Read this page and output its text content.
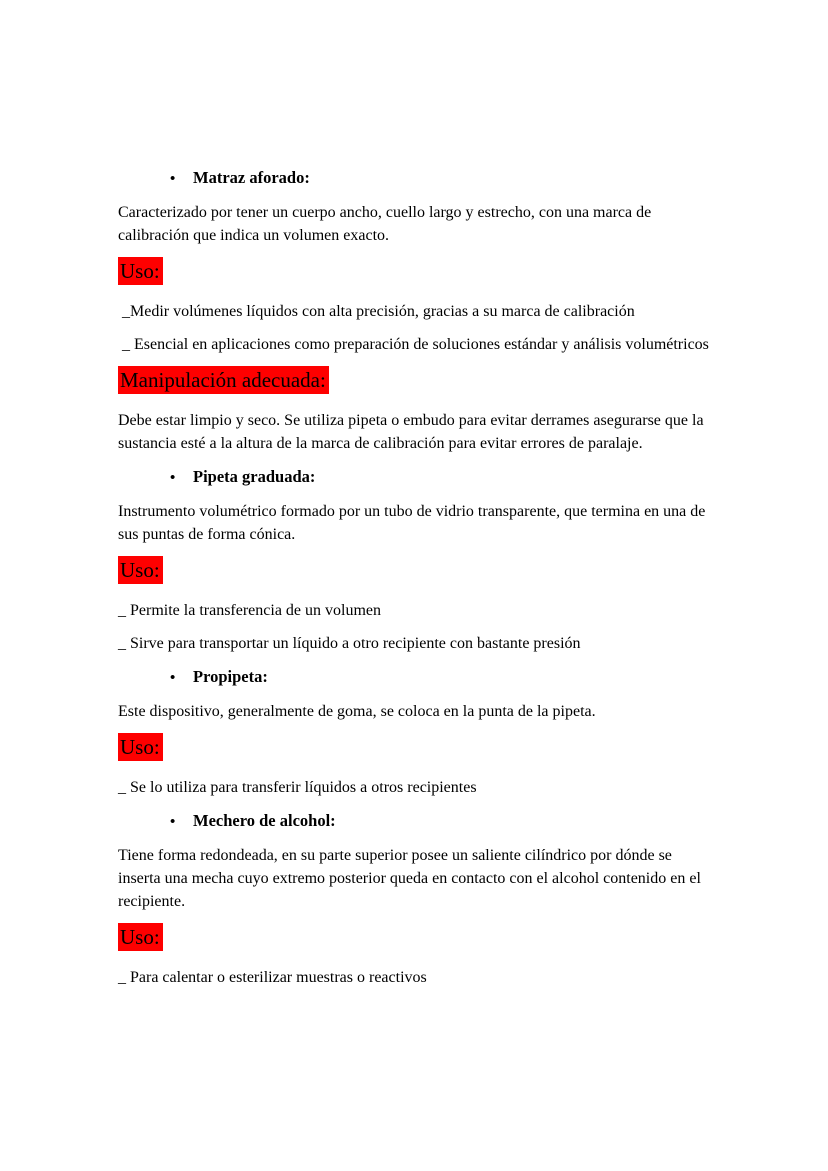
• Matraz aforado:

Caracterizado por tener un cuerpo ancho, cuello largo y estrecho, con una marca de calibración que indica un volumen exacto.

Uso:

_Medir volúmenes líquidos con alta precisión, gracias a su marca de calibración

_ Esencial en aplicaciones como preparación de soluciones estándar y análisis volumétricos

Manipulación adecuada:

Debe estar limpio y seco. Se utiliza pipeta o embudo para evitar derrames asegurarse que la sustancia esté a la altura de la marca de calibración para evitar errores de paralaje.

• Pipeta graduada:

Instrumento volumétrico formado por un tubo de vidrio transparente, que termina en una de sus puntas de forma cónica.

Uso:

_ Permite la transferencia de un volumen

_ Sirve para transportar un líquido a otro recipiente con bastante presión

• Propipeta:

Este dispositivo, generalmente de goma, se coloca en la punta de la pipeta.

Uso:

_ Se lo utiliza para transferir líquidos a otros recipientes

• Mechero de alcohol:

Tiene forma redondeada, en su parte superior posee un saliente cilíndrico por dónde se inserta una mecha cuyo extremo posterior queda en contacto con el alcohol contenido en el recipiente.

Uso:

_ Para calentar o esterilizar muestras o reactivos
